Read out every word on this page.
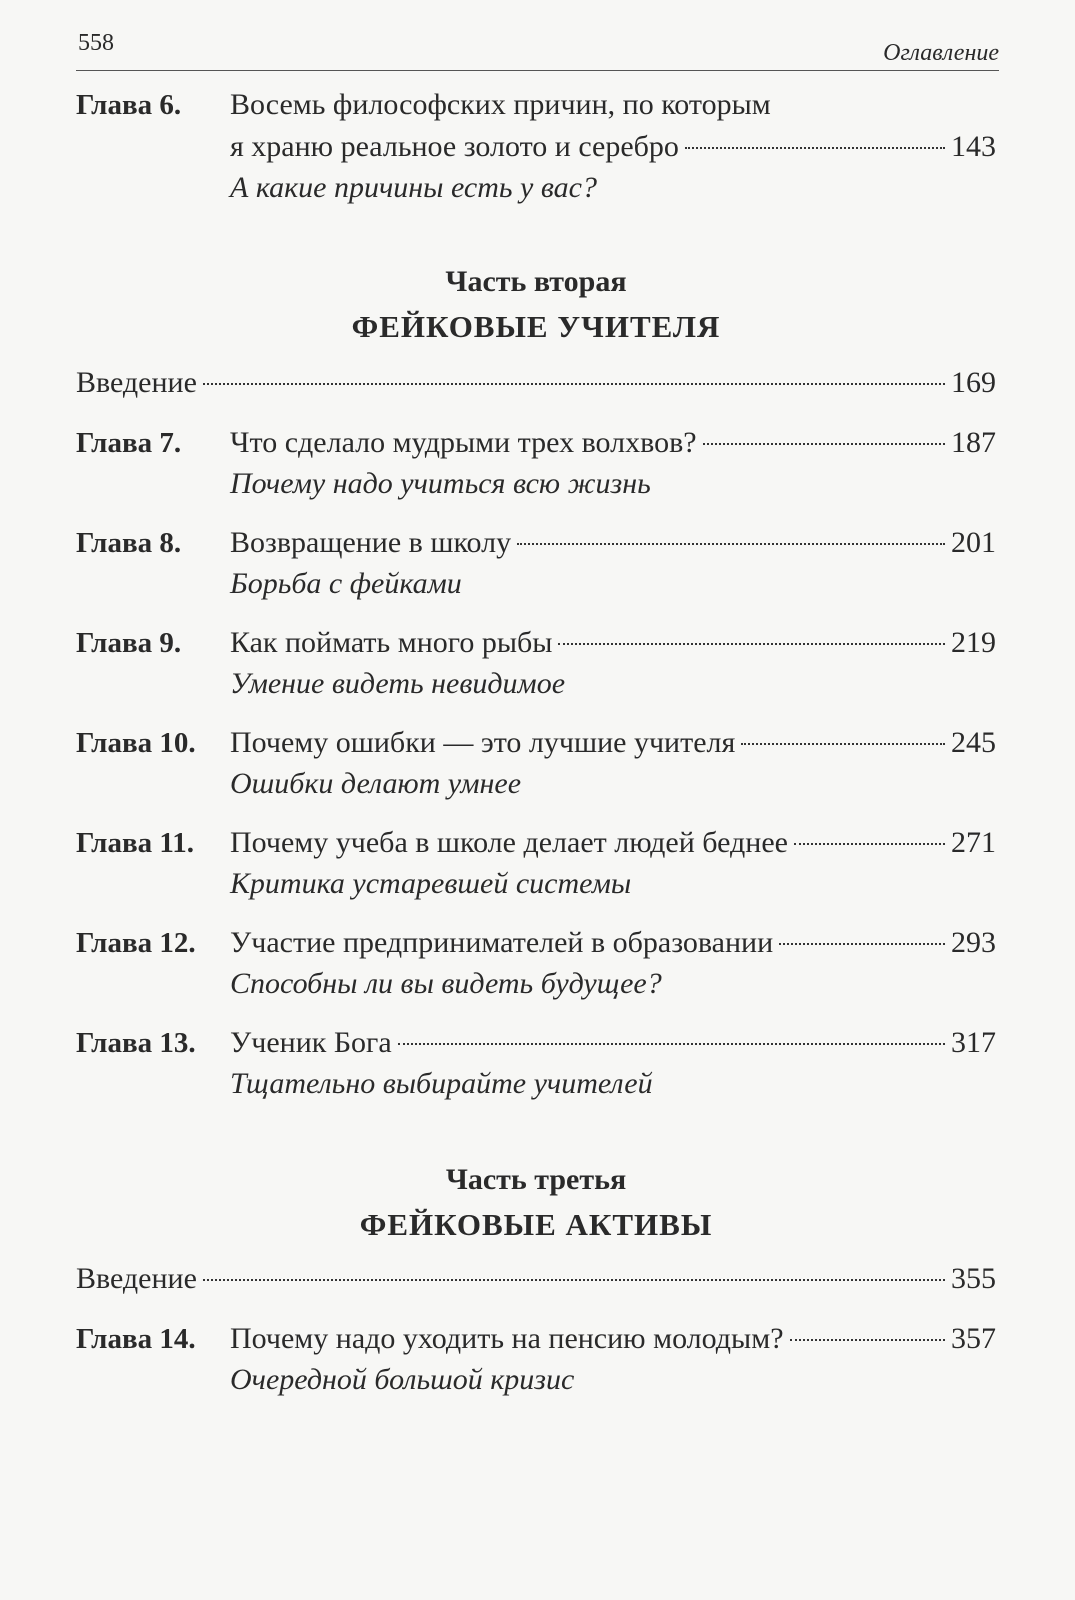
558	Оглавление
Глава 6. Восемь философских причин, по которым
я храню реальное золото и серебро	143
А какие причины есть у вас?
Часть вторая
ФЕЙКОВЫЕ УЧИТЕЛЯ
Введение	169
Глава 7. Что сделало мудрыми трех волхвов?	187
Почему надо учиться всю жизнь
Глава 8. Возвращение в школу	201
Борьба с фейками
Глава 9. Как поймать много рыбы	219
Умение видеть невидимое
Глава 10. Почему ошибки — это лучшие учителя	245
Ошибки делают умнее
Глава 11. Почему учеба в школе делает людей беднее	271
Критика устаревшей системы
Глава 12. Участие предпринимателей в образовании	293
Способны ли вы видеть будущее?
Глава 13. Ученик Бога	317
Тщательно выбирайте учителей
Часть третья
ФЕЙКОВЫЕ АКТИВЫ
Введение	355
Глава 14. Почему надо уходить на пенсию молодым?	357
Очередной большой кризис
